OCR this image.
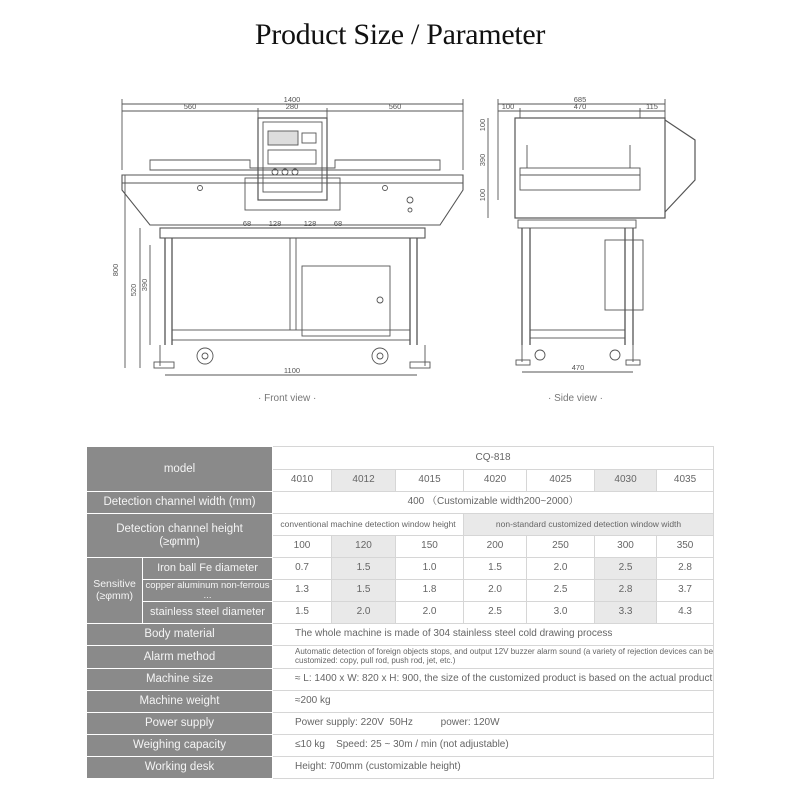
Product Size / Parameter
1400
560	280	560
68 128	128 68
1100
800
520 390
685
100	470	115
100
390
100
470
· Front view ·	· Side view ·
model		CQ-818						
		4010	4012	4015	4020	4025	4030	4035
Detection channel width (mm)		400 （Customizable width200~2000）						
Detection channel height
(≥φmm)		conventional machine detection window height			non-standard customized detection window width			
		100	120	150	200	250	300	350
Sensitive
(≥φmm)	Iron ball Fe diameter	0.7	1.5	1.0	1.5	2.0	2.5	2.8
	copper aluminum non-ferrous ...	1.3	1.5	1.8	2.0	2.5	2.8	3.7
	stainless steel diameter	1.5	2.0	2.0	2.5	3.0	3.3	4.3
Body material		The whole machine is made of 304 stainless steel cold drawing process						
Alarm method		Automatic detection of foreign objects stops, and output 12V buzzer alarm sound (a variety of rejection devices can be customized: copy, pull rod, push rod, jet, etc.)						
Machine size		≈ L: 1400 x W: 820 x H: 900, the size of the customized product is based on the actual product						
Machine weight		≈200 kg						
Power supply		Power supply: 220V  50Hz          power: 120W						
Weighing capacity		≤10 kg    Speed: 25 ~ 30m / min (not adjustable)						
Working desk		Height: 700mm (customizable height)						
